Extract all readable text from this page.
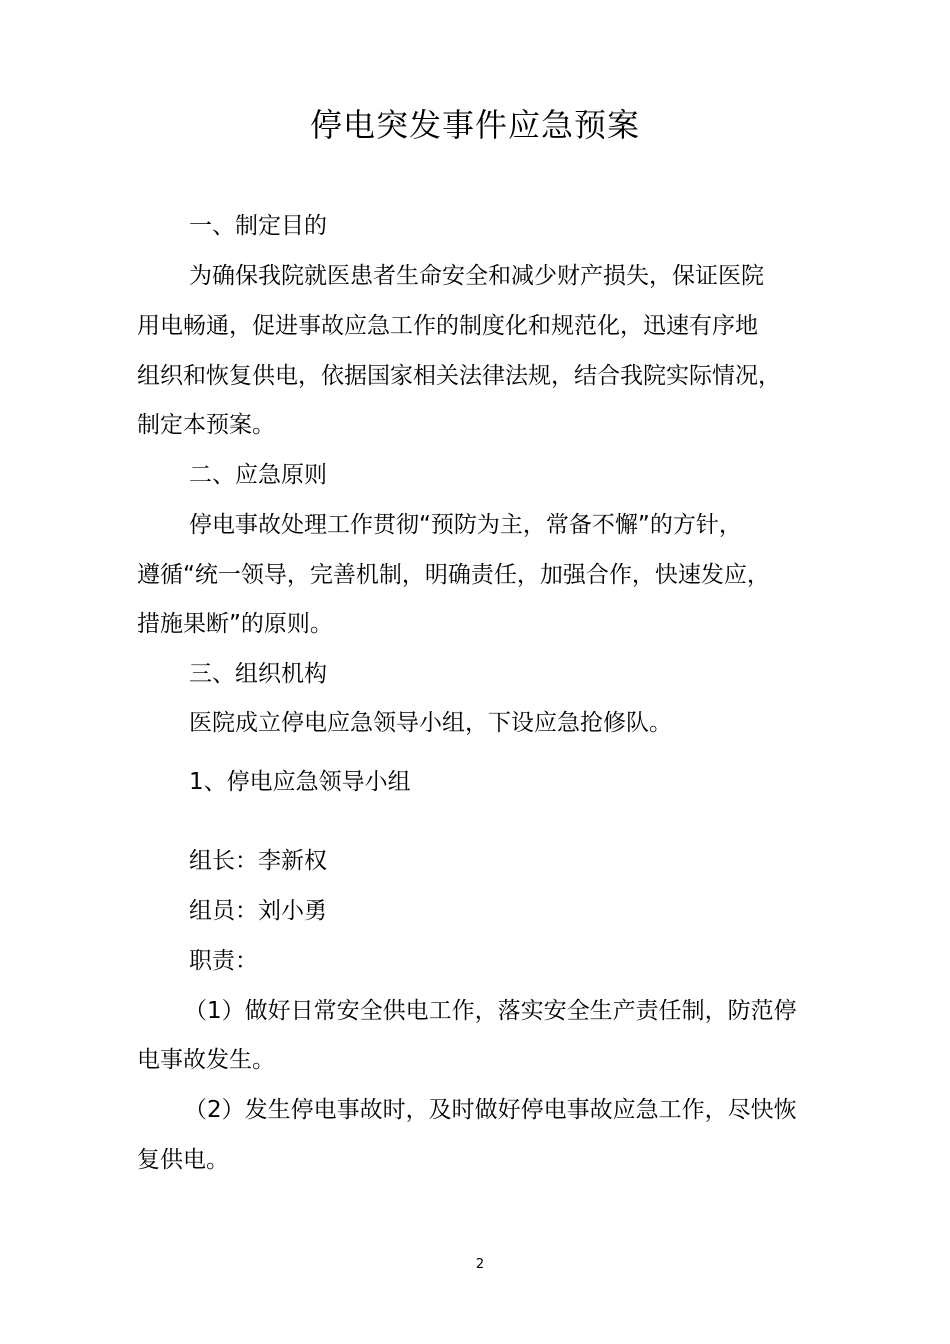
停电突发事件应急预案
一、制定目的
为确保我院就医患者生命安全和减少财产损失，保证医院
用电畅通，促进事故应急工作的制度化和规范化，迅速有序地
组织和恢复供电，依据国家相关法律法规，结合我院实际情况，
制定本预案。
二、应急原则
停电事故处理工作贯彻“预防为主，常备不懈”的方针，
遵循“统一领导，完善机制，明确责任，加强合作，快速发应，
措施果断”的原则。
三、组织机构
医院成立停电应急领导小组，下设应急抢修队。
1、停电应急领导小组
组长：李新权
组员：刘小勇
职责：
（1）做好日常安全供电工作，落实安全生产责任制，防范停
电事故发生。
（2）发生停电事故时，及时做好停电事故应急工作，尽快恢
复供电。
2
